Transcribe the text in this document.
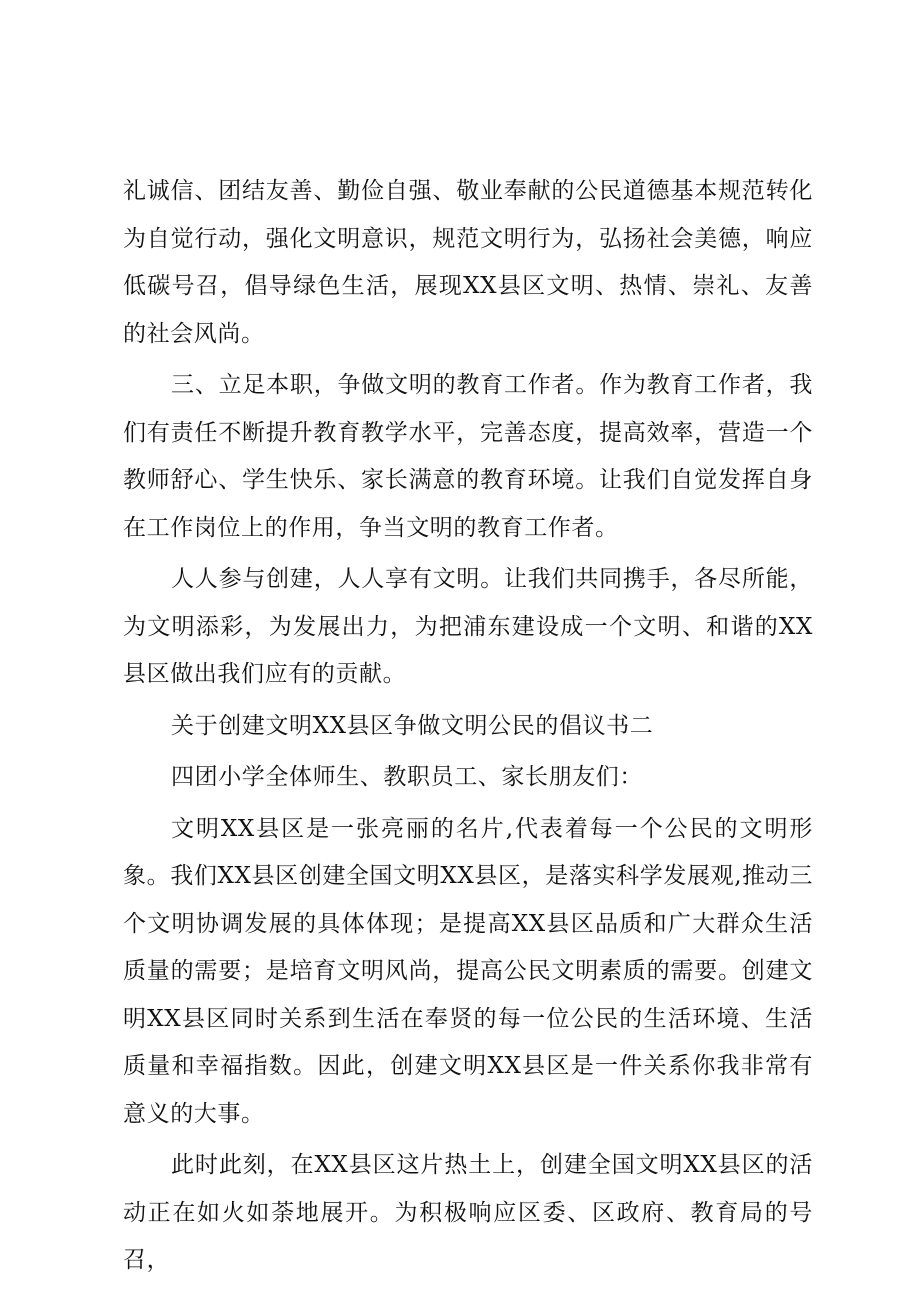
礼诚信、团结友善、勤俭自强、敬业奉献的公民道德基本规范转化为自觉行动，强化文明意识，规范文明行为，弘扬社会美德，响应低碳号召，倡导绿色生活，展现XX县区文明、热情、崇礼、友善的社会风尚。

三、立足本职，争做文明的教育工作者。作为教育工作者，我们有责任不断提升教育教学水平，完善态度，提高效率，营造一个教师舒心、学生快乐、家长满意的教育环境。让我们自觉发挥自身在工作岗位上的作用，争当文明的教育工作者。

人人参与创建，人人享有文明。让我们共同携手，各尽所能，为文明添彩，为发展出力，为把浦东建设成一个文明、和谐的XX县区做出我们应有的贡献。

关于创建文明XX县区争做文明公民的倡议书二

四团小学全体师生、教职员工、家长朋友们：

文明XX县区是一张亮丽的名片,代表着每一个公民的文明形象。我们XX县区创建全国文明XX县区，是落实科学发展观,推动三个文明协调发展的具体体现；是提高XX县区品质和广大群众生活质量的需要；是培育文明风尚，提高公民文明素质的需要。创建文明XX县区同时关系到生活在奉贤的每一位公民的生活环境、生活质量和幸福指数。因此，创建文明XX县区是一件关系你我非常有意义的大事。

此时此刻，在XX县区这片热土上，创建全国文明XX县区的活动正在如火如荼地展开。为积极响应区委、区政府、教育局的号召，
